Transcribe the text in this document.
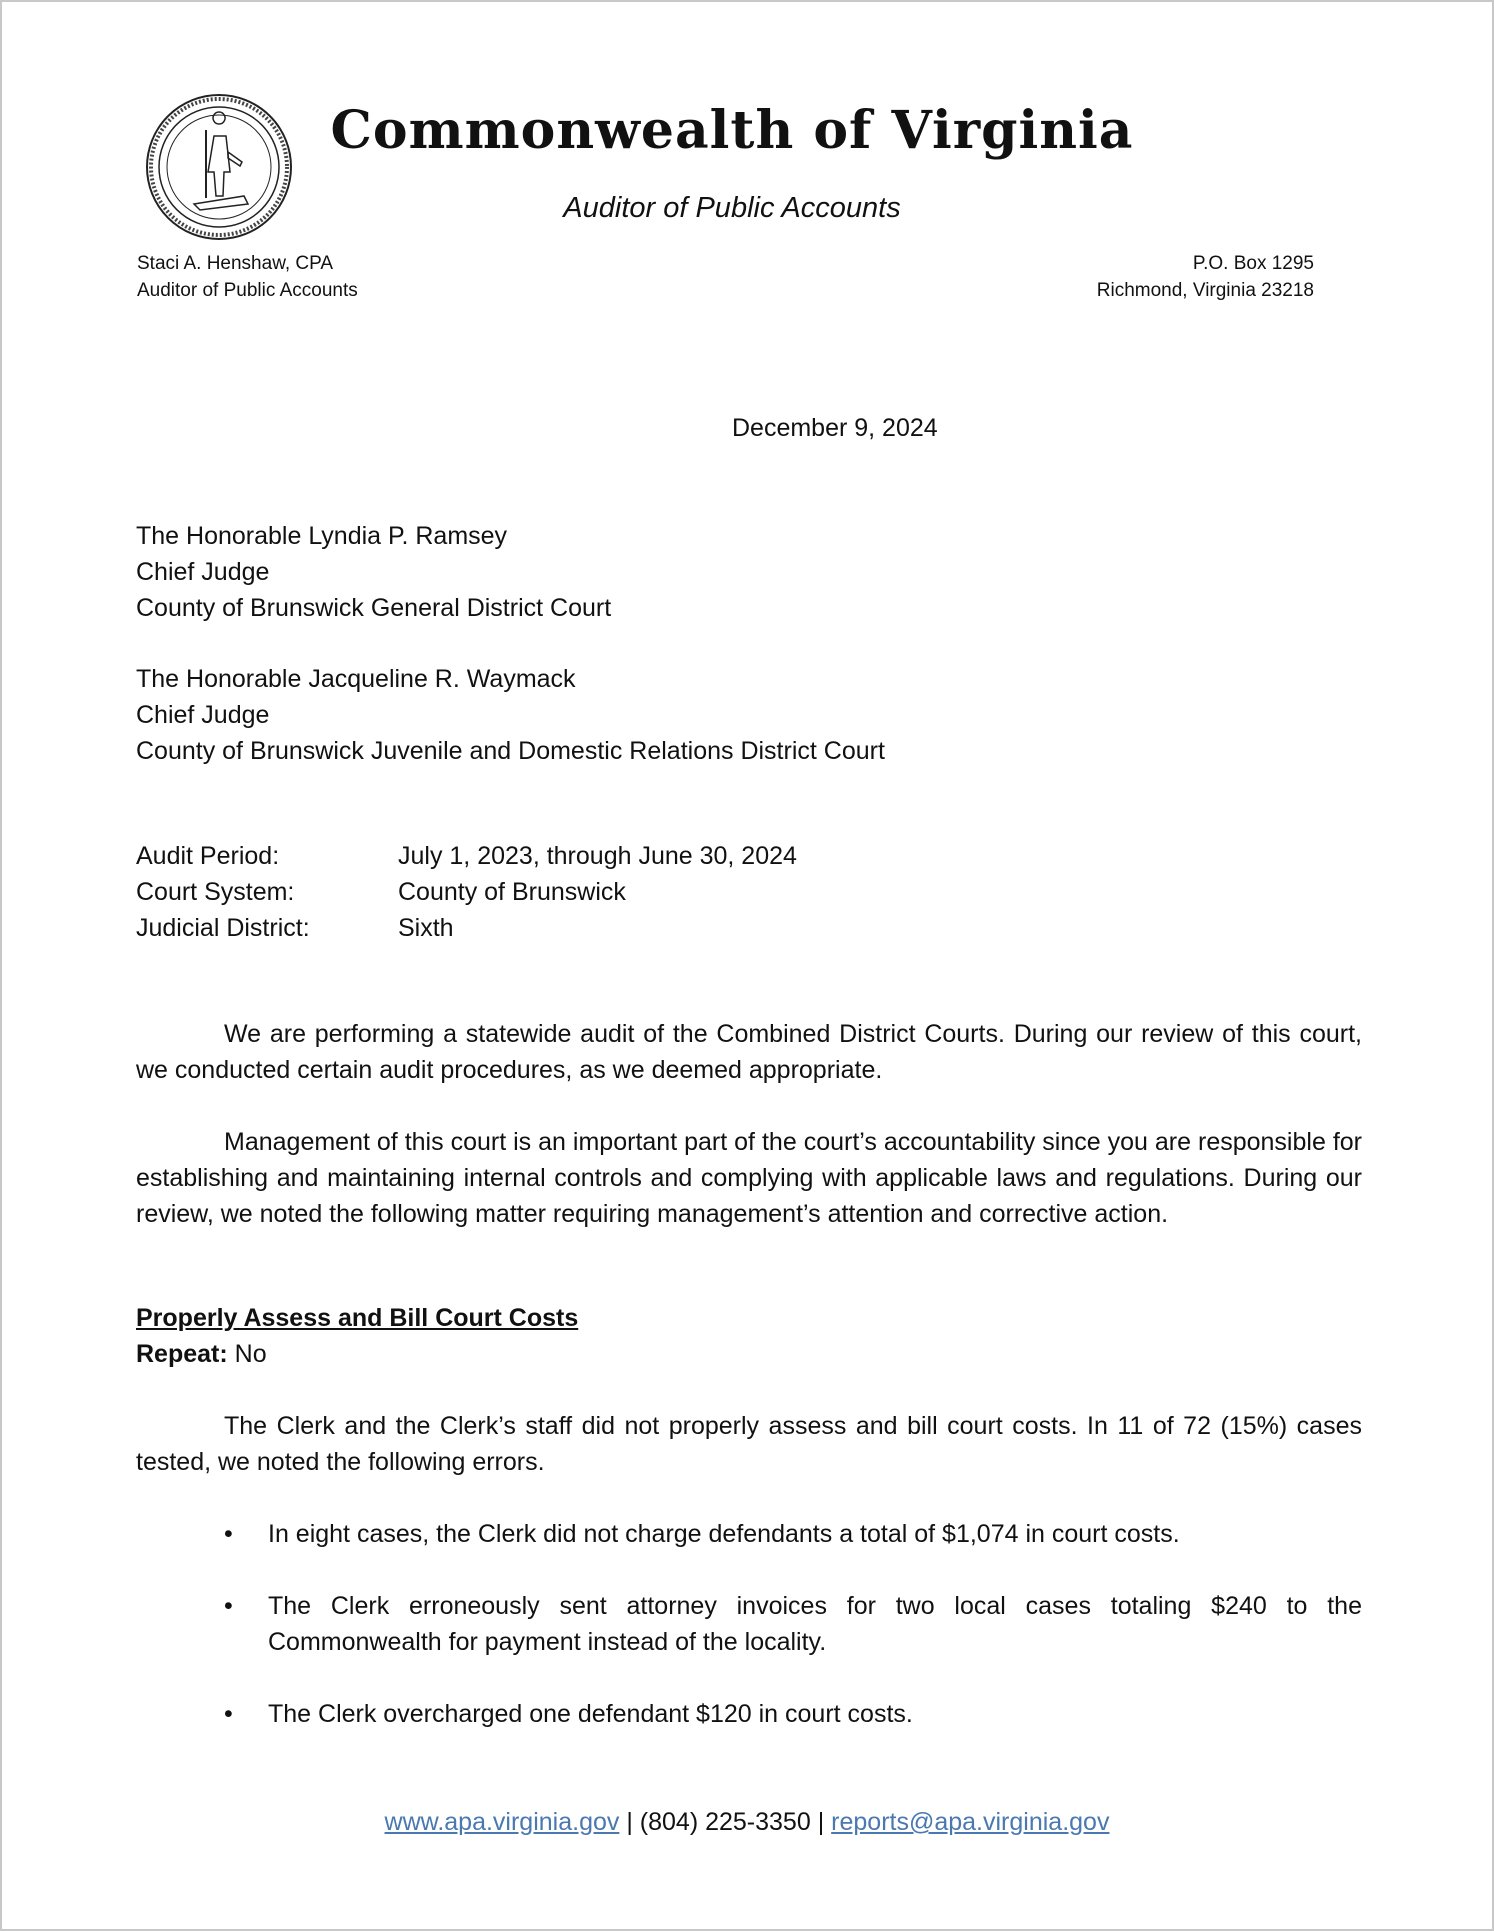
Commonwealth of Virginia
Auditor of Public Accounts
Staci A. Henshaw, CPA
Auditor of Public Accounts
P.O. Box 1295
Richmond, Virginia 23218
December 9, 2024
The Honorable Lyndia P. Ramsey
Chief Judge
County of Brunswick General District Court
The Honorable Jacqueline R. Waymack
Chief Judge
County of Brunswick Juvenile and Domestic Relations District Court
Audit Period:	July 1, 2023, through June 30, 2024
Court System:	County of Brunswick
Judicial District:	Sixth
We are performing a statewide audit of the Combined District Courts. During our review of this court, we conducted certain audit procedures, as we deemed appropriate.
Management of this court is an important part of the court’s accountability since you are responsible for establishing and maintaining internal controls and complying with applicable laws and regulations. During our review, we noted the following matter requiring management’s attention and corrective action.
Properly Assess and Bill Court Costs
Repeat: No
The Clerk and the Clerk’s staff did not properly assess and bill court costs. In 11 of 72 (15%) cases tested, we noted the following errors.
•	In eight cases, the Clerk did not charge defendants a total of $1,074 in court costs.
•	The Clerk erroneously sent attorney invoices for two local cases totaling $240 to the Commonwealth for payment instead of the locality.
•	The Clerk overcharged one defendant $120 in court costs.
www.apa.virginia.gov | (804) 225-3350 | reports@apa.virginia.gov
